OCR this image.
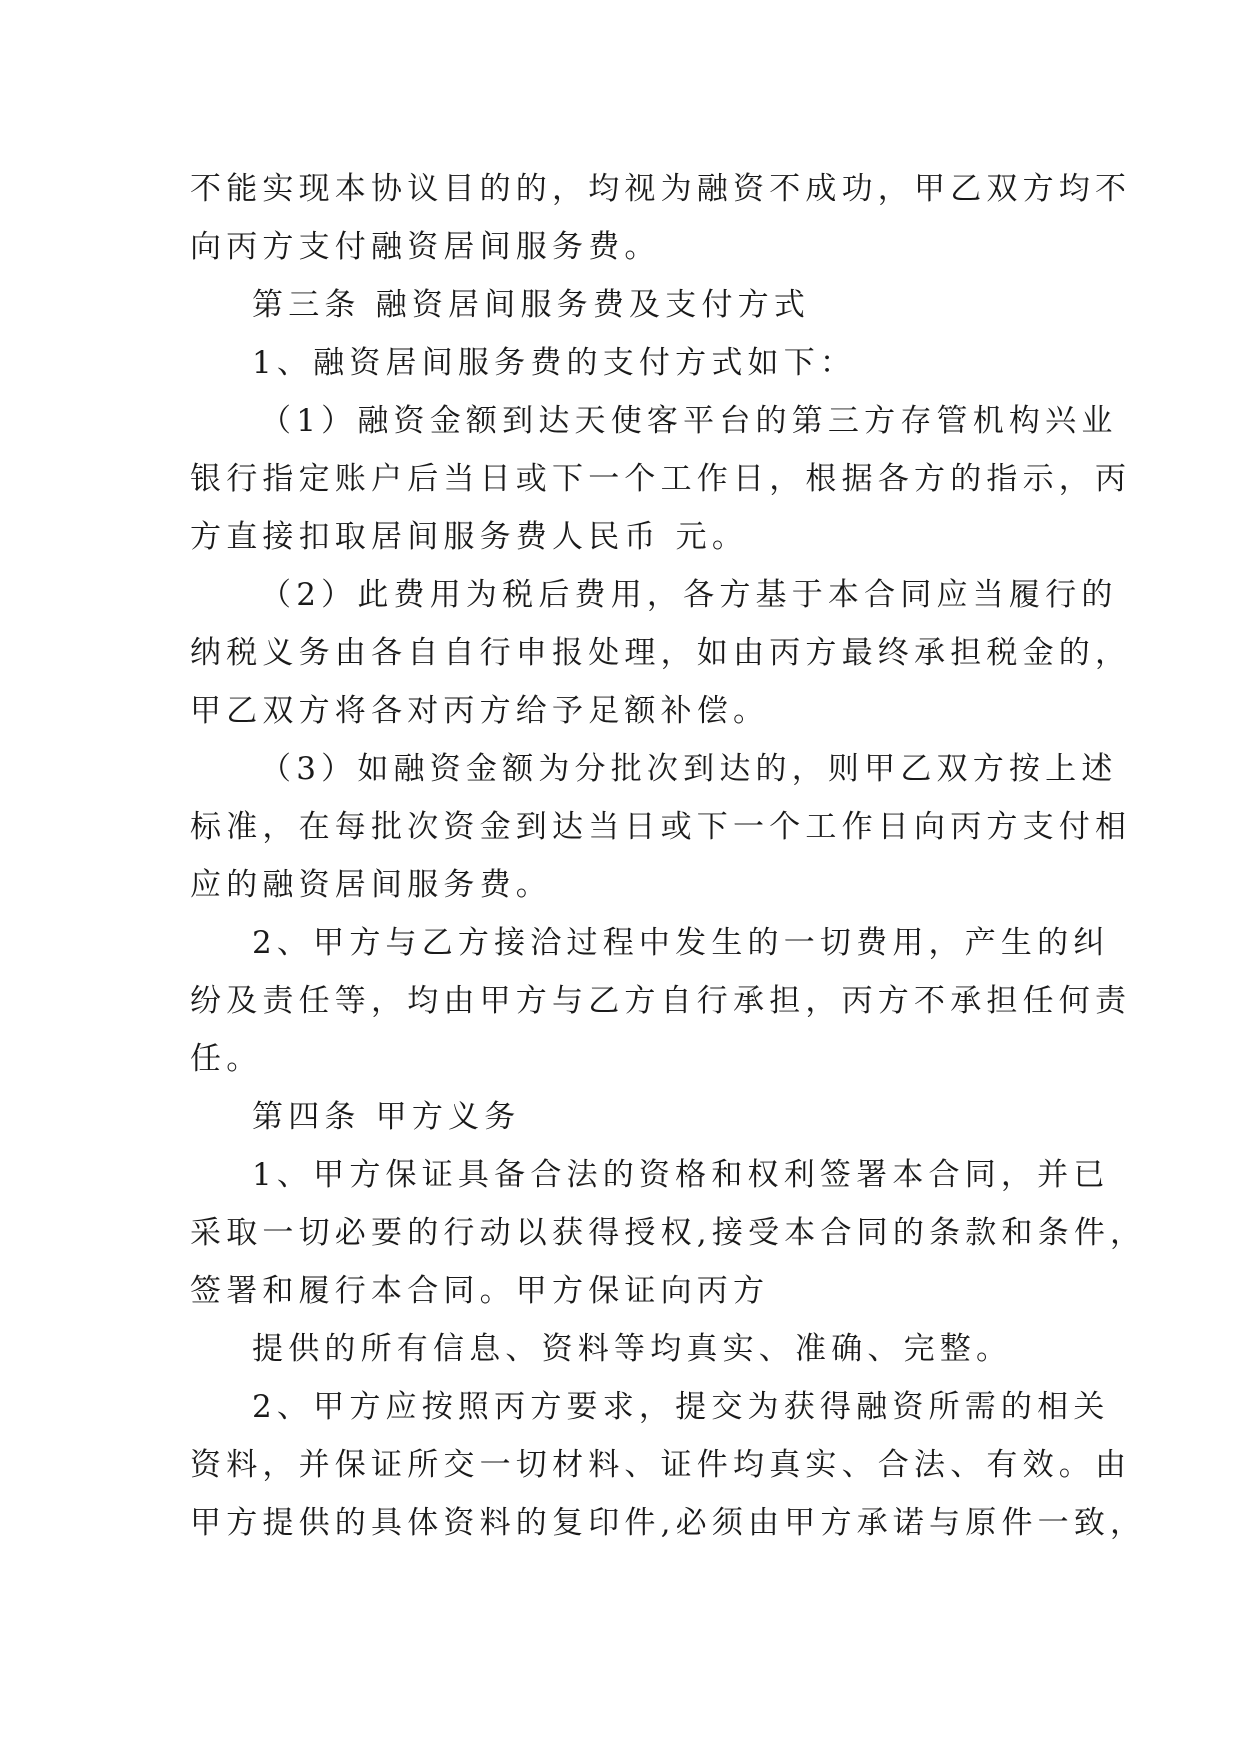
不能实现本协议目的的，均视为融资不成功，甲乙双方均不
向丙方支付融资居间服务费。
第三条 融资居间服务费及支付方式
1、融资居间服务费的支付方式如下：
（1）融资金额到达天使客平台的第三方存管机构兴业
银行指定账户后当日或下一个工作日，根据各方的指示，丙
方直接扣取居间服务费人民币 元。
（2）此费用为税后费用，各方基于本合同应当履行的
纳税义务由各自自行申报处理，如由丙方最终承担税金的，
甲乙双方将各对丙方给予足额补偿。
（3）如融资金额为分批次到达的，则甲乙双方按上述
标准，在每批次资金到达当日或下一个工作日向丙方支付相
应的融资居间服务费。
2、甲方与乙方接洽过程中发生的一切费用，产生的纠
纷及责任等，均由甲方与乙方自行承担，丙方不承担任何责
任。
第四条 甲方义务
1、甲方保证具备合法的资格和权利签署本合同，并已
采取一切必要的行动以获得授权,接受本合同的条款和条件，
签署和履行本合同。甲方保证向丙方
提供的所有信息、资料等均真实、准确、完整。
2、甲方应按照丙方要求，提交为获得融资所需的相关
资料，并保证所交一切材料、证件均真实、合法、有效。由
甲方提供的具体资料的复印件,必须由甲方承诺与原件一致，
